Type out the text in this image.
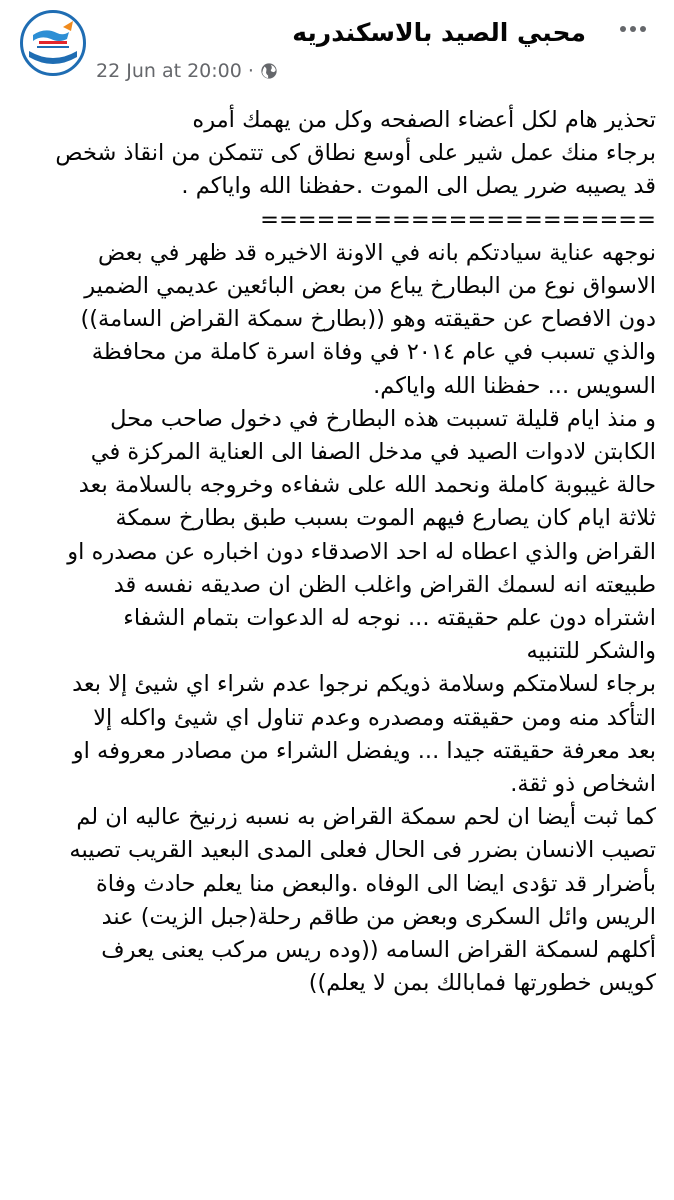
محبي الصيد بالاسكندريه
22 Jun at 20:00 ·
تحذير هام لكل أعضاء الصفحه وكل من يهمك أمره
برجاء منك عمل شير على أوسع نطاق كى تتمكن من انقاذ شخص
قد يصيبه ضرر يصل الى الموت .حفظنا الله واياكم .
=====================
نوجهه عناية سيادتكم بانه في الاونة الاخيره قد ظهر في بعض
الاسواق نوع من البطارخ يباع من بعض البائعين عديمي الضمير
دون الافصاح عن حقيقته وهو ((بطارخ سمكة القراض السامة))
والذي تسبب في عام ٢٠١٤ في وفاة اسرة كاملة من محافظة
السويس ... حفظنا الله واياكم.
و منذ ايام قليلة تسببت هذه البطارخ في دخول صاحب محل
الكابتن لادوات الصيد في مدخل الصفا الى العناية المركزة في
حالة غيبوبة كاملة ونحمد الله على شفاءه وخروجه بالسلامة بعد
ثلاثة ايام كان يصارع فيهم الموت بسبب طبق بطارخ سمكة
القراض والذي اعطاه له احد الاصدقاء دون اخباره عن مصدره او
طبيعته انه لسمك القراض واغلب الظن ان صديقه نفسه قد
اشتراه دون علم حقيقته ... نوجه له الدعوات بتمام الشفاء
والشكر للتنبيه
برجاء لسلامتكم وسلامة ذويكم نرجوا عدم شراء اي شيئ إلا بعد
التأكد منه ومن حقيقته ومصدره وعدم تناول اي شيئ واكله إلا
بعد معرفة حقيقته جيدا ... ويفضل الشراء من مصادر معروفه او
اشخاص ذو ثقة.
كما ثبت أيضا ان لحم سمكة القراض به نسبه زرنيخ عاليه ان لم
تصيب الانسان بضرر فى الحال فعلى المدى البعيد القريب تصيبه
بأضرار قد تؤدى ايضا الى الوفاه .والبعض منا يعلم حادث وفاة
الريس وائل السكرى وبعض من طاقم رحلة(جبل الزيت) عند
أكلهم لسمكة القراض السامه ((وده ريس مركب يعنى يعرف
كويس خطورتها فمابالك بمن لا يعلم))
